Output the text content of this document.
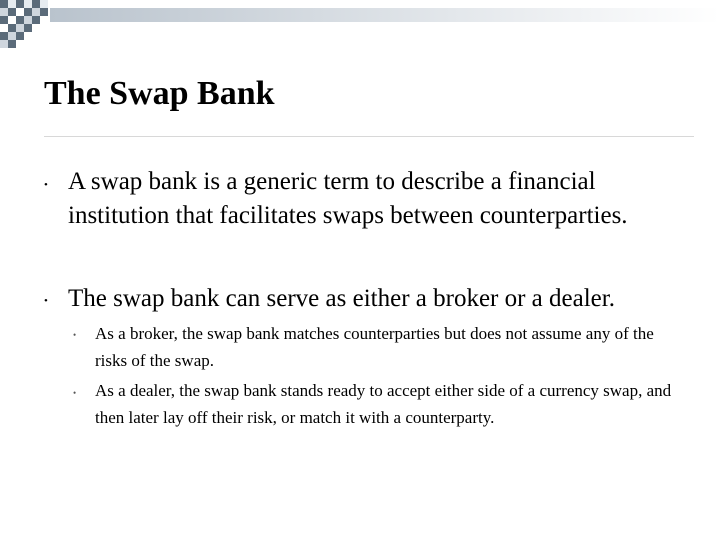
The Swap Bank
• A swap bank is a generic term to describe a financial institution that facilitates swaps between counterparties.
• The swap bank can serve as either a broker or a dealer.
• As a broker, the swap bank matches counterparties but does not assume any of the risks of the swap.
• As a dealer, the swap bank stands ready to accept either side of a currency swap, and then later lay off their risk, or match it with a counterparty.
